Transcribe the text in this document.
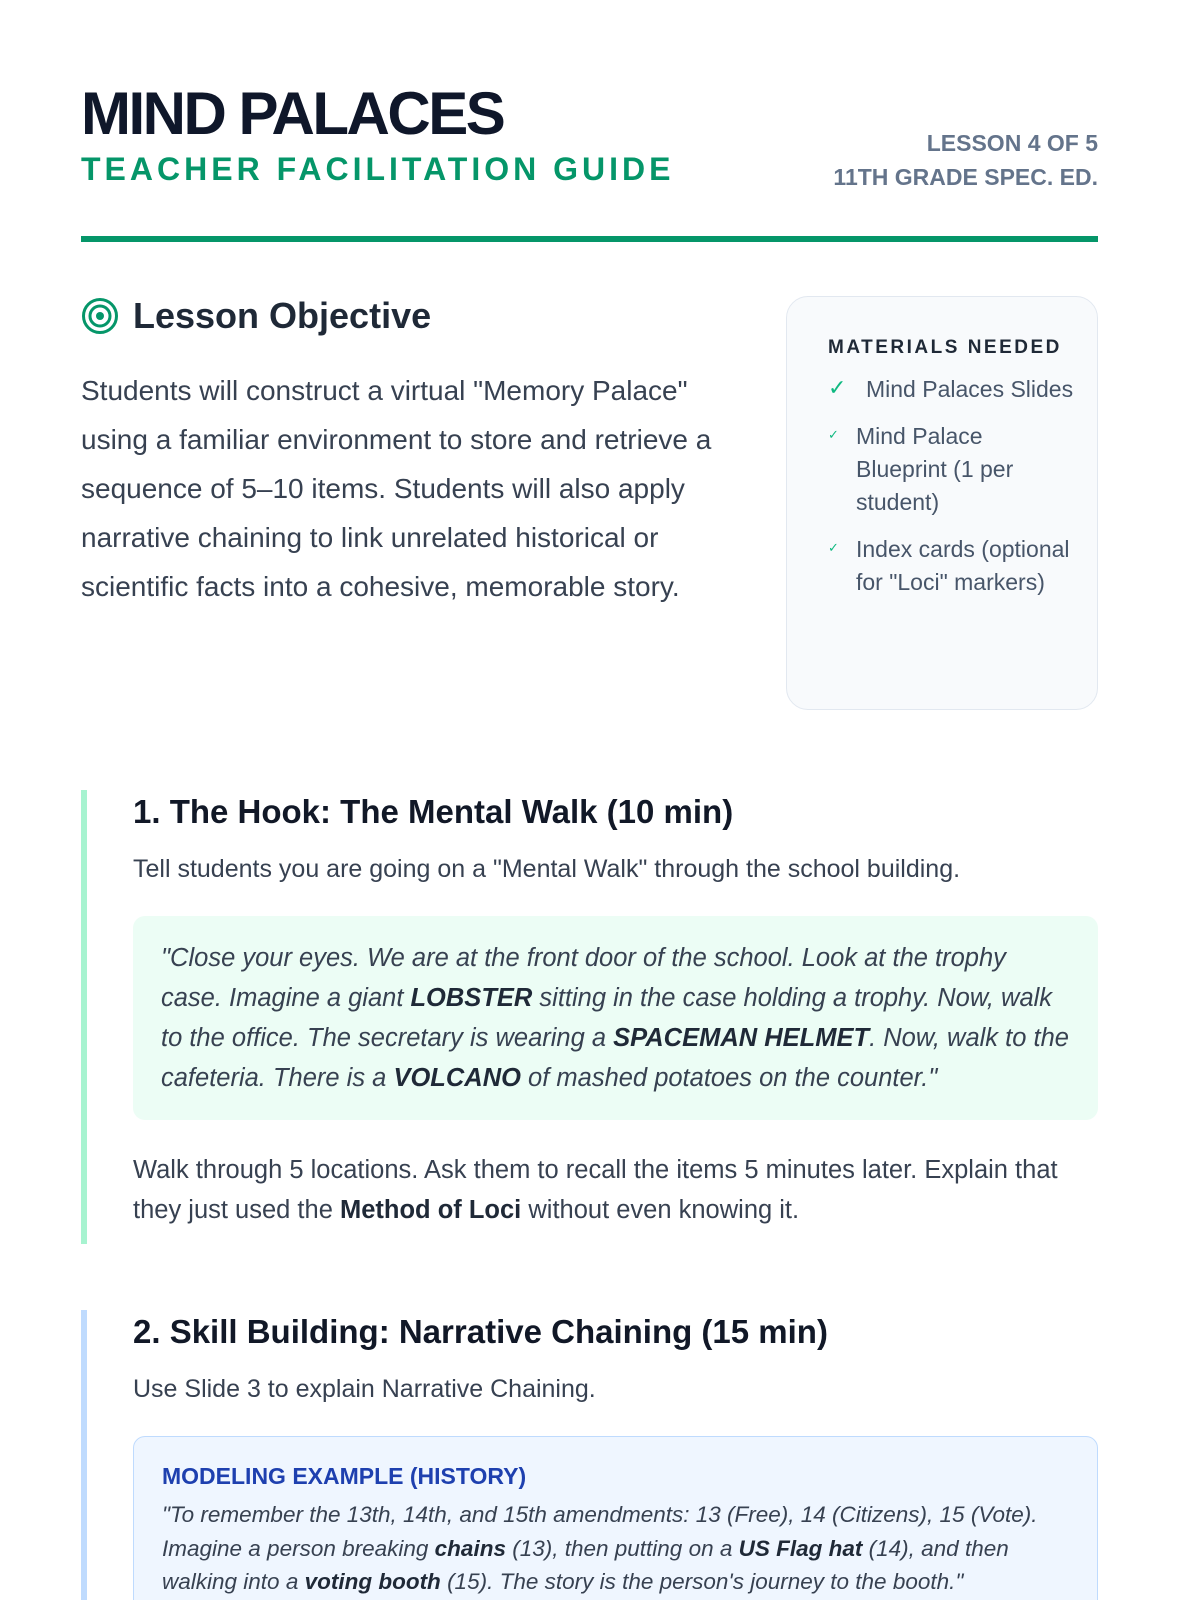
MIND PALACES
TEACHER FACILITATION GUIDE
LESSON 4 OF 5
11TH GRADE SPEC. ED.
Lesson Objective

Students will construct a virtual "Memory Palace" using a familiar environment to store and retrieve a sequence of 5–10 items. Students will also apply narrative chaining to link unrelated historical or scientific facts into a cohesive, memorable story.

MATERIALS NEEDED
✓ Mind Palaces Slides
✓ Mind Palace Blueprint (1 per student)
✓ Index cards (optional for "Loci" markers)
1. The Hook: The Mental Walk (10 min)

Tell students you are going on a "Mental Walk" through the school building.

"Close your eyes. We are at the front door of the school. Look at the trophy case. Imagine a giant LOBSTER sitting in the case holding a trophy. Now, walk to the office. The secretary is wearing a SPACEMAN HELMET. Now, walk to the cafeteria. There is a VOLCANO of mashed potatoes on the counter."

Walk through 5 locations. Ask them to recall the items 5 minutes later. Explain that they just used the Method of Loci without even knowing it.

2. Skill Building: Narrative Chaining (15 min)

Use Slide 3 to explain Narrative Chaining.

MODELING EXAMPLE (HISTORY)

"To remember the 13th, 14th, and 15th amendments: 13 (Free), 14 (Citizens), 15 (Vote). Imagine a person breaking chains (13), then putting on a US Flag hat (14), and then walking into a voting booth (15). The story is the person's journey to the booth."
